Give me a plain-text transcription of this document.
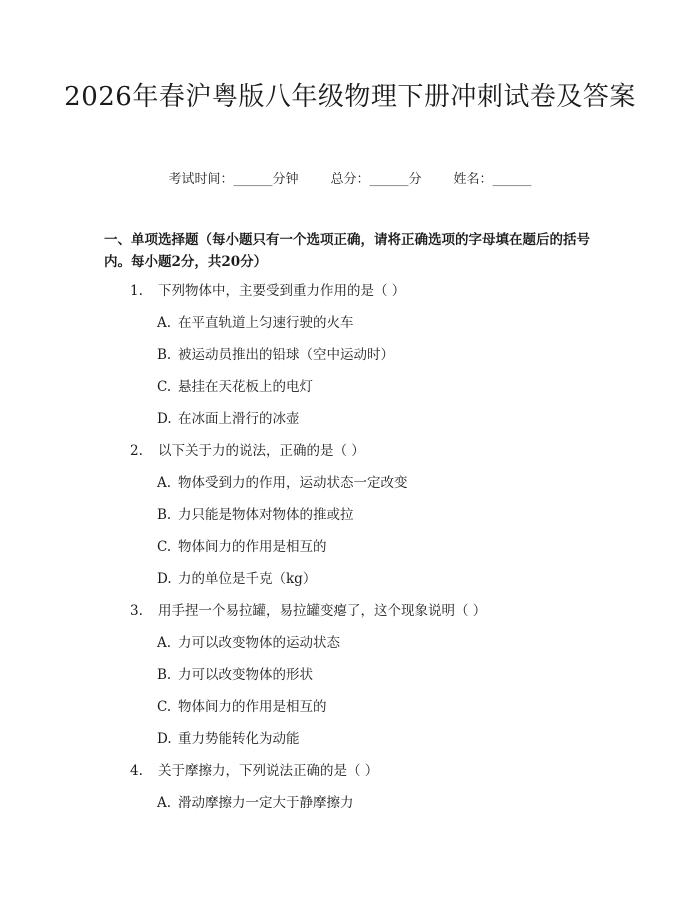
2026年春沪粤版八年级物理下册冲刺试卷及答案
考试时间：______分钟 总分：______分 姓名：______
一、单项选择题（每小题只有一个选项正确，请将正确选项的字母填在题后的括号内。每小题2分，共20分）
1. 下列物体中，主要受到重力作用的是（ ）
A. 在平直轨道上匀速行驶的火车
B. 被运动员推出的铅球（空中运动时）
C. 悬挂在天花板上的电灯
D. 在冰面上滑行的冰壶
2. 以下关于力的说法，正确的是（ ）
A. 物体受到力的作用，运动状态一定改变
B. 力只能是物体对物体的推或拉
C. 物体间力的作用是相互的
D. 力的单位是千克（kg）
3. 用手捏一个易拉罐，易拉罐变瘪了，这个现象说明（ ）
A. 力可以改变物体的运动状态
B. 力可以改变物体的形状
C. 物体间力的作用是相互的
D. 重力势能转化为动能
4. 关于摩擦力，下列说法正确的是（ ）
A. 滑动摩擦力一定大于静摩擦力
